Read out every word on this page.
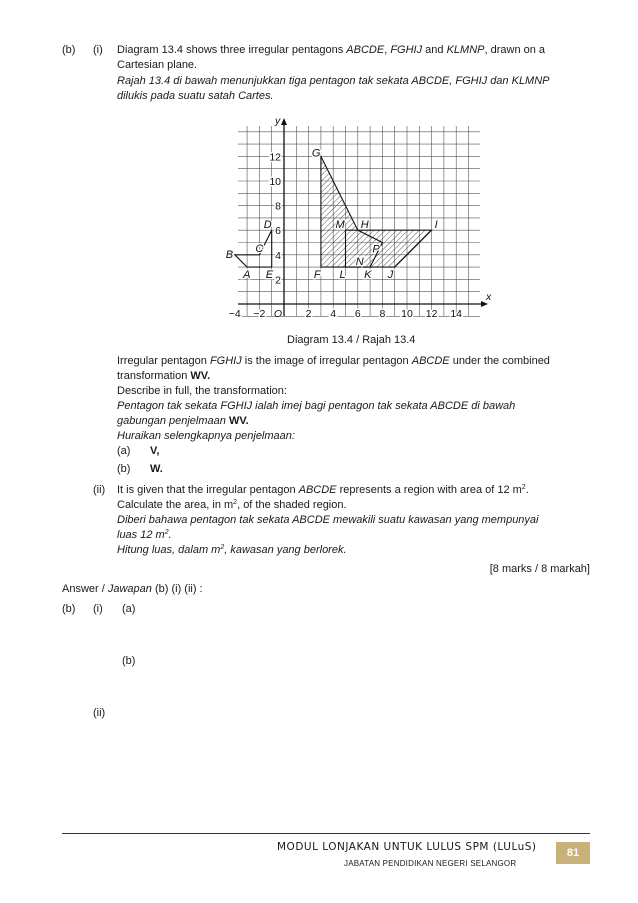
(b) (i) Diagram 13.4 shows three irregular pentagons ABCDE, FGHIJ and KLMNP, drawn on a
Cartesian plane.
Rajah 13.4 di bawah menunjukkan tiga pentagon tak sekata ABCDE, FGHIJ dan KLMNP
dilukis pada suatu satah Cartes.
x
y
O
−4 −2	2 4 6 8 10 12 14
2
4
6
8
10
12
A
B C
D
E	F
G
M H	I
N
P
L K J
Diagram 13.4 / Rajah 13.4
Irregular pentagon FGHIJ is the image of irregular pentagon ABCDE under the combined
transformation WV.
Describe in full, the transformation:
Pentagon tak sekata FGHIJ ialah imej bagi pentagon tak sekata ABCDE di bawah
gabungan penjelmaan WV.
Huraikan selengkapnya penjelmaan:
(a) V,
(b) W.
(ii) It is given that the irregular pentagon ABCDE represents a region with area of 12 $m^2$.
Calculate the area, in $m^2$, of the shaded region.
Diberi bahawa pentagon tak sekata ABCDE mewakili suatu kawasan yang mempunyai
luas 12 $m^2$.
Hitung luas, dalam $m^2$, kawasan yang berlorek.
[8 marks / 8 markah]
Answer / Jawapan (b) (i) (ii) :
(b) (i) (a)
(b)
(ii)
MODUL LONJAKAN UNTUK LULUS SPM (LULuS)
JABATAN PENDIDIKAN NEGERI SELANGOR
81
